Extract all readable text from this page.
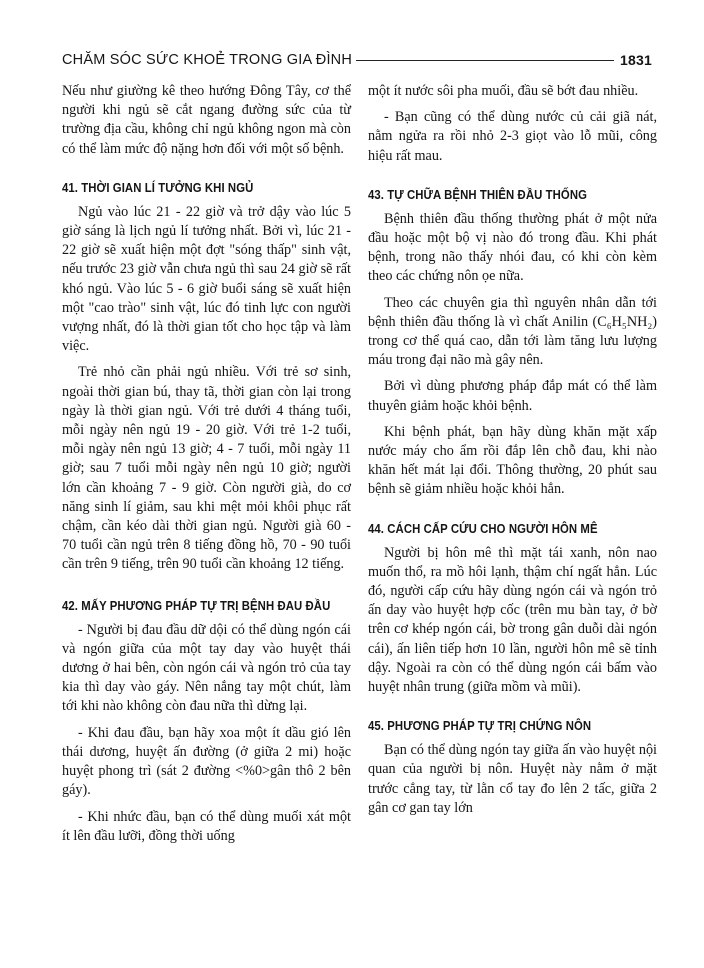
CHĂM SÓC SỨC KHOẺ TRONG GIA ĐÌNH	1831

Nếu như giường kê theo hướng Đông Tây, cơ thể người khi ngủ sẽ cắt ngang đường sức của từ trường địa cầu, không chỉ ngủ không ngon mà còn có thể làm mức độ nặng hơn đối với một số bệnh.

41. THỜI GIAN LÍ TƯỞNG KHI NGỦ

Ngủ vào lúc 21 - 22 giờ và trở dậy vào lúc 5 giờ sáng là lịch ngủ lí tưởng nhất. Bởi vì, lúc 21 - 22 giờ sẽ xuất hiện một đợt "sóng thấp" sinh vật, nếu trước 23 giờ vẫn chưa ngủ thì sau 24 giờ sẽ rất khó ngủ. Vào lúc 5 - 6 giờ buổi sáng sẽ xuất hiện một "cao trào" sinh vật, lúc đó tinh lực con người vượng nhất, đó là thời gian tốt cho học tập và làm việc.

Trẻ nhỏ cần phải ngủ nhiều. Với trẻ sơ sinh, ngoài thời gian bú, thay tã, thời gian còn lại trong ngày là thời gian ngủ. Với trẻ dưới 4 tháng tuổi, mỗi ngày nên ngủ 19 - 20 giờ. Với trẻ 1-2 tuổi, mỗi ngày nên ngủ 13 giờ; 4 - 7 tuổi, mỗi ngày 11 giờ; sau 7 tuổi mỗi ngày nên ngủ 10 giờ; người lớn cần khoảng 7 - 9 giờ. Còn người già, do cơ năng sinh lí giảm, sau khi mệt mỏi khôi phục rất chậm, cần kéo dài thời gian ngủ. Người già 60 - 70 tuổi cần ngủ trên 8 tiếng đồng hồ, 70 - 90 tuổi cần trên 9 tiếng, trên 90 tuổi cần khoảng 12 tiếng.

42. MẤY PHƯƠNG PHÁP TỰ TRỊ BỆNH ĐAU ĐẦU

- Người bị đau đầu dữ dội có thể dùng ngón cái và ngón giữa của một tay day vào huyệt thái dương ở hai bên, còn ngón cái và ngón trỏ của tay kia thì day vào gáy. Nên nắng tay một chút, làm tới khi nào không còn đau nữa thì dừng lại.

- Khi đau đầu, bạn hãy xoa một ít dầu gió lên thái dương, huyệt ấn đường (ở giữa 2 mi) hoặc huyệt phong trì (sát 2 đường <%0>gân thô 2 bên gáy).

- Khi nhức đầu, bạn có thể dùng muối xát một ít lên đầu lưỡi, đồng thời uống

một ít nước sôi pha muối, đầu sẽ bớt đau nhiều.

- Bạn cũng có thể dùng nước củ cải giã nát, nằm ngửa ra rồi nhỏ 2-3 giọt vào lỗ mũi, công hiệu rất mau.

43. TỰ CHỮA BỆNH THIÊN ĐẦU THỐNG

Bệnh thiên đầu thống thường phát ở một nửa đầu hoặc một bộ vị nào đó trong đầu. Khi phát bệnh, trong não thấy nhói đau, có khi còn kèm theo các chứng nôn ọe nữa.

Theo các chuyên gia thì nguyên nhân dẫn tới bệnh thiên đầu thống là vì chất Anilin (C₆H₅NH₂) trong cơ thể quá cao, dẫn tới làm tăng lưu lượng máu trong đại não mà gây nên.

Bởi vì dùng phương pháp đắp mát có thể làm thuyên giảm hoặc khỏi bệnh.

Khi bệnh phát, bạn hãy dùng khăn mặt xấp nước máy cho ẩm rồi đắp lên chỗ đau, khi nào khăn hết mát lại đổi. Thông thường, 20 phút sau bệnh sẽ giảm nhiều hoặc khỏi hẳn.

44. CÁCH CẤP CỨU CHO NGƯỜI HÔN MÊ

Người bị hôn mê thì mặt tái xanh, nôn nao muốn thổ, ra mồ hôi lạnh, thậm chí ngất hẳn. Lúc đó, người cấp cứu hãy dùng ngón cái và ngón trỏ ấn day vào huyệt hợp cốc (trên mu bàn tay, ở bờ trên cơ khép ngón cái, bờ trong gân duỗi dài ngón cái), ấn liên tiếp hơn 10 lần, người hôn mê sẽ tỉnh dậy. Ngoài ra còn có thể dùng ngón cái bấm vào huyệt nhân trung (giữa mồm và mũi).

45. PHƯƠNG PHÁP TỰ TRỊ CHỨNG NÔN

Bạn có thể dùng ngón tay giữa ấn vào huyệt nội quan của người bị nôn. Huyệt này nằm ở mặt trước cẳng tay, từ lằn cổ tay đo lên 2 tấc, giữa 2 gân cơ gan tay lớn
